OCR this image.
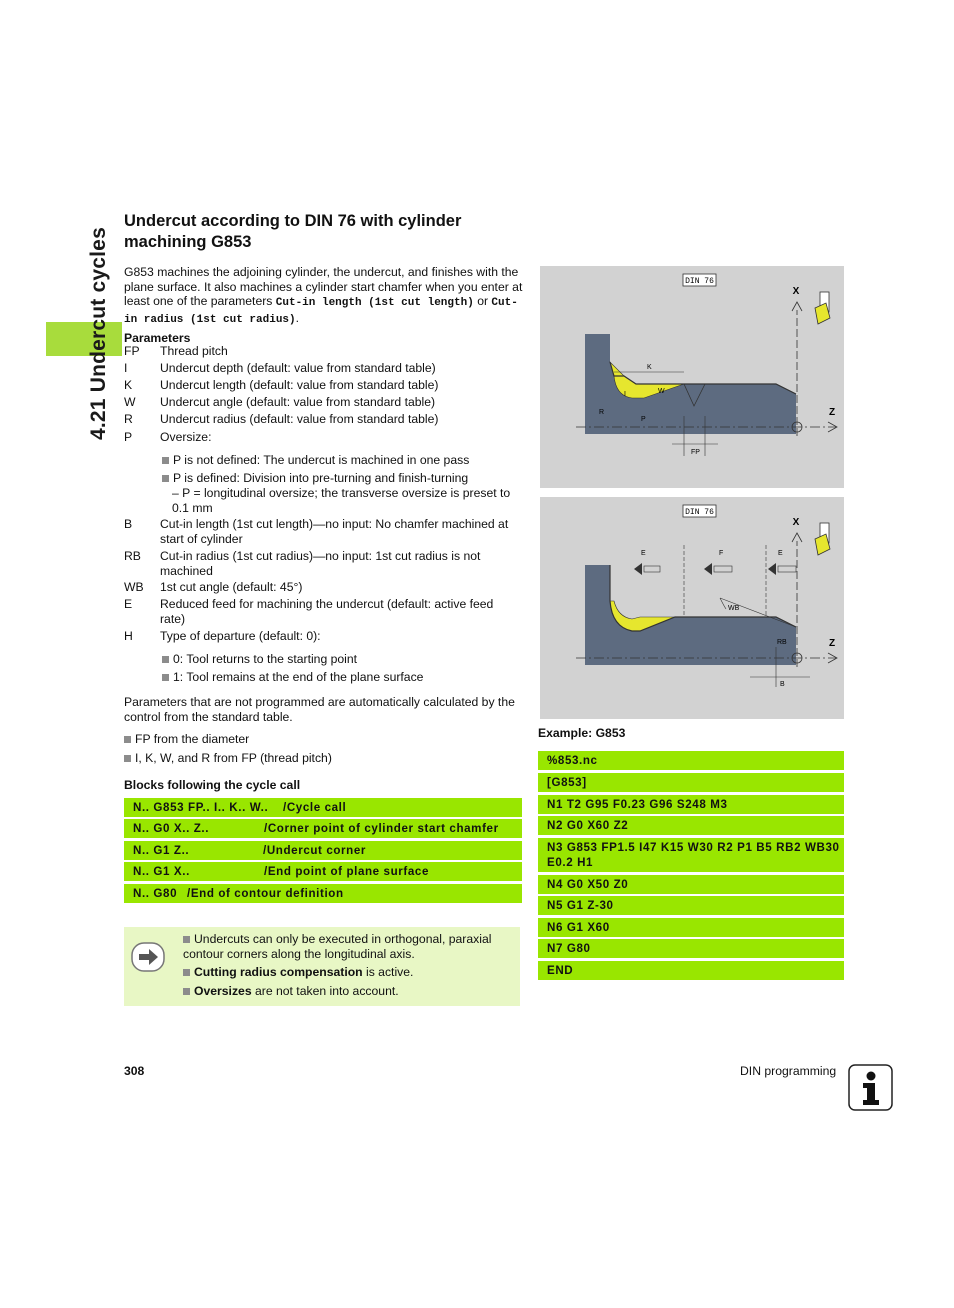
4.21 Undercut cycles
Undercut according to DIN 76 with cylinder machining G853
G853 machines the adjoining cylinder, the undercut, and finishes with the plane surface. It also machines a cylinder start chamfer when you enter at least one of the parameters Cut-in length (1st cut length) or Cut-in radius (1st cut radius).
Parameters
FP	Thread pitch
I	Undercut depth (default: value from standard table)
K	Undercut length (default: value from standard table)
W	Undercut angle (default: value from standard table)
R	Undercut radius (default: value from standard table)
P	Oversize:
P is not defined: The undercut is machined in one pass
P is defined: Division into pre-turning and finish-turning
– P = longitudinal oversize; the transverse oversize is preset to 0.1 mm
B	Cut-in length (1st cut length)—no input: No chamfer machined at start of cylinder
RB	Cut-in radius (1st cut radius)—no input: 1st cut radius is not machined
WB	1st cut angle (default: 45°)
E	Reduced feed for machining the undercut (default: active feed rate)
H	Type of departure (default: 0):
0: Tool returns to the starting point
1: Tool remains at the end of the plane surface
Parameters that are not programmed are automatically calculated by the control from the standard table.
FP from the diameter
I, K, W, and R from FP (thread pitch)
Blocks following the cycle call
N.. G853 FP.. I.. K.. W.. /Cycle call
N.. G0 X.. Z..	/Corner point of cylinder start chamfer
N.. G1 Z..	/Undercut corner
N.. G1 X..	/End point of plane surface
N.. G80 /End of contour definition
Undercuts can only be executed in orthogonal, paraxial contour corners along the longitudinal axis.
Cutting radius compensation is active.
Oversizes are not taken into account.
DIN 76
X
Z
K
W
I
R
P
FP
DIN 76
X
Z
E	F	E
WB
RB
B
Example: G853
%853.nc
[G853]
N1 T2 G95 F0.23 G96 S248 M3
N2 G0 X60 Z2
N3 G853 FP1.5 I47 K15 W30 R2 P1 B5 RB2 WB30 E0.2 H1
N4 G0 X50 Z0
N5 G1 Z-30
N6 G1 X60
N7 G80
END
308	DIN programming
